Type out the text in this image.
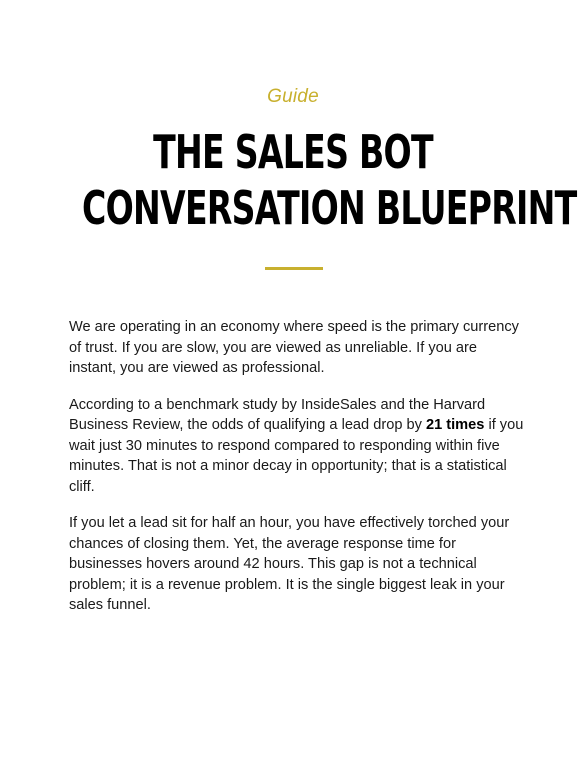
Guide
THE SALES BOT
CONVERSATION BLUEPRINT

We are operating in an economy where speed is the primary currency of trust. If you are slow, you are viewed as unreliable. If you are instant, you are viewed as professional.

According to a benchmark study by InsideSales and the Harvard Business Review, the odds of qualifying a lead drop by 21 times if you wait just 30 minutes to respond compared to responding within five minutes. That is not a minor decay in opportunity; that is a statistical cliff.

If you let a lead sit for half an hour, you have effectively torched your chances of closing them. Yet, the average response time for businesses hovers around 42 hours. This gap is not a technical problem; it is a revenue problem. It is the single biggest leak in your sales funnel.
